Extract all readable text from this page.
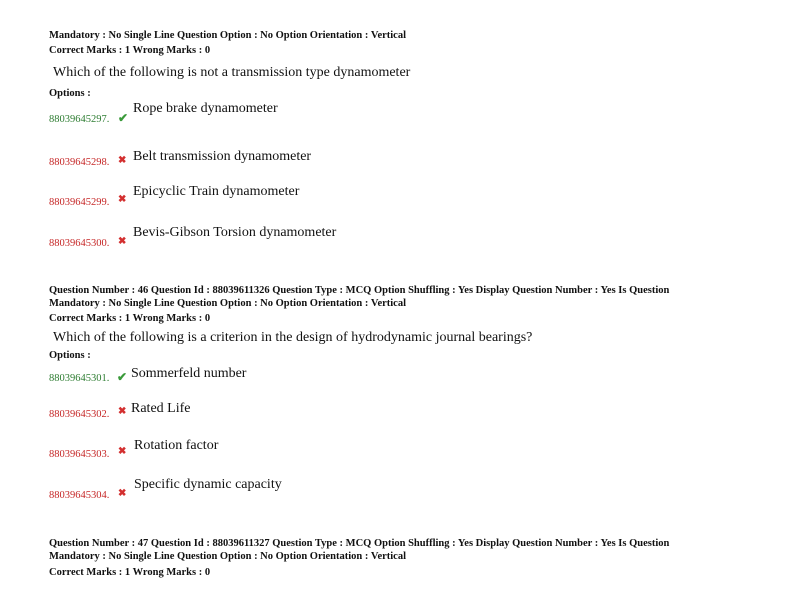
Mandatory : No Single Line Question Option : No Option Orientation : Vertical
Correct Marks : 1 Wrong Marks : 0
Which of the following is not a transmission type dynamometer
Options :
88039645297. ✔
Rope brake dynamometer
88039645298. ✖ Belt transmission dynamometer
88039645299. ✖
Epicyclic Train dynamometer
88039645300. ✖
Bevis-Gibson Torsion dynamometer
Question Number : 46 Question Id : 88039611326 Question Type : MCQ Option Shuffling : Yes Display Question Number : Yes Is Question
Mandatory : No Single Line Question Option : No Option Orientation : Vertical
Correct Marks : 1 Wrong Marks : 0
Which of the following is a criterion in the design of hydrodynamic journal bearings?
Options :
88039645301. ✔ Sommerfeld number
88039645302. ✖ Rated Life
88039645303. ✖ Rotation factor
88039645304. ✖
Specific dynamic capacity
Question Number : 47 Question Id : 88039611327 Question Type : MCQ Option Shuffling : Yes Display Question Number : Yes Is Question
Mandatory : No Single Line Question Option : No Option Orientation : Vertical
Correct Marks : 1 Wrong Marks : 0
